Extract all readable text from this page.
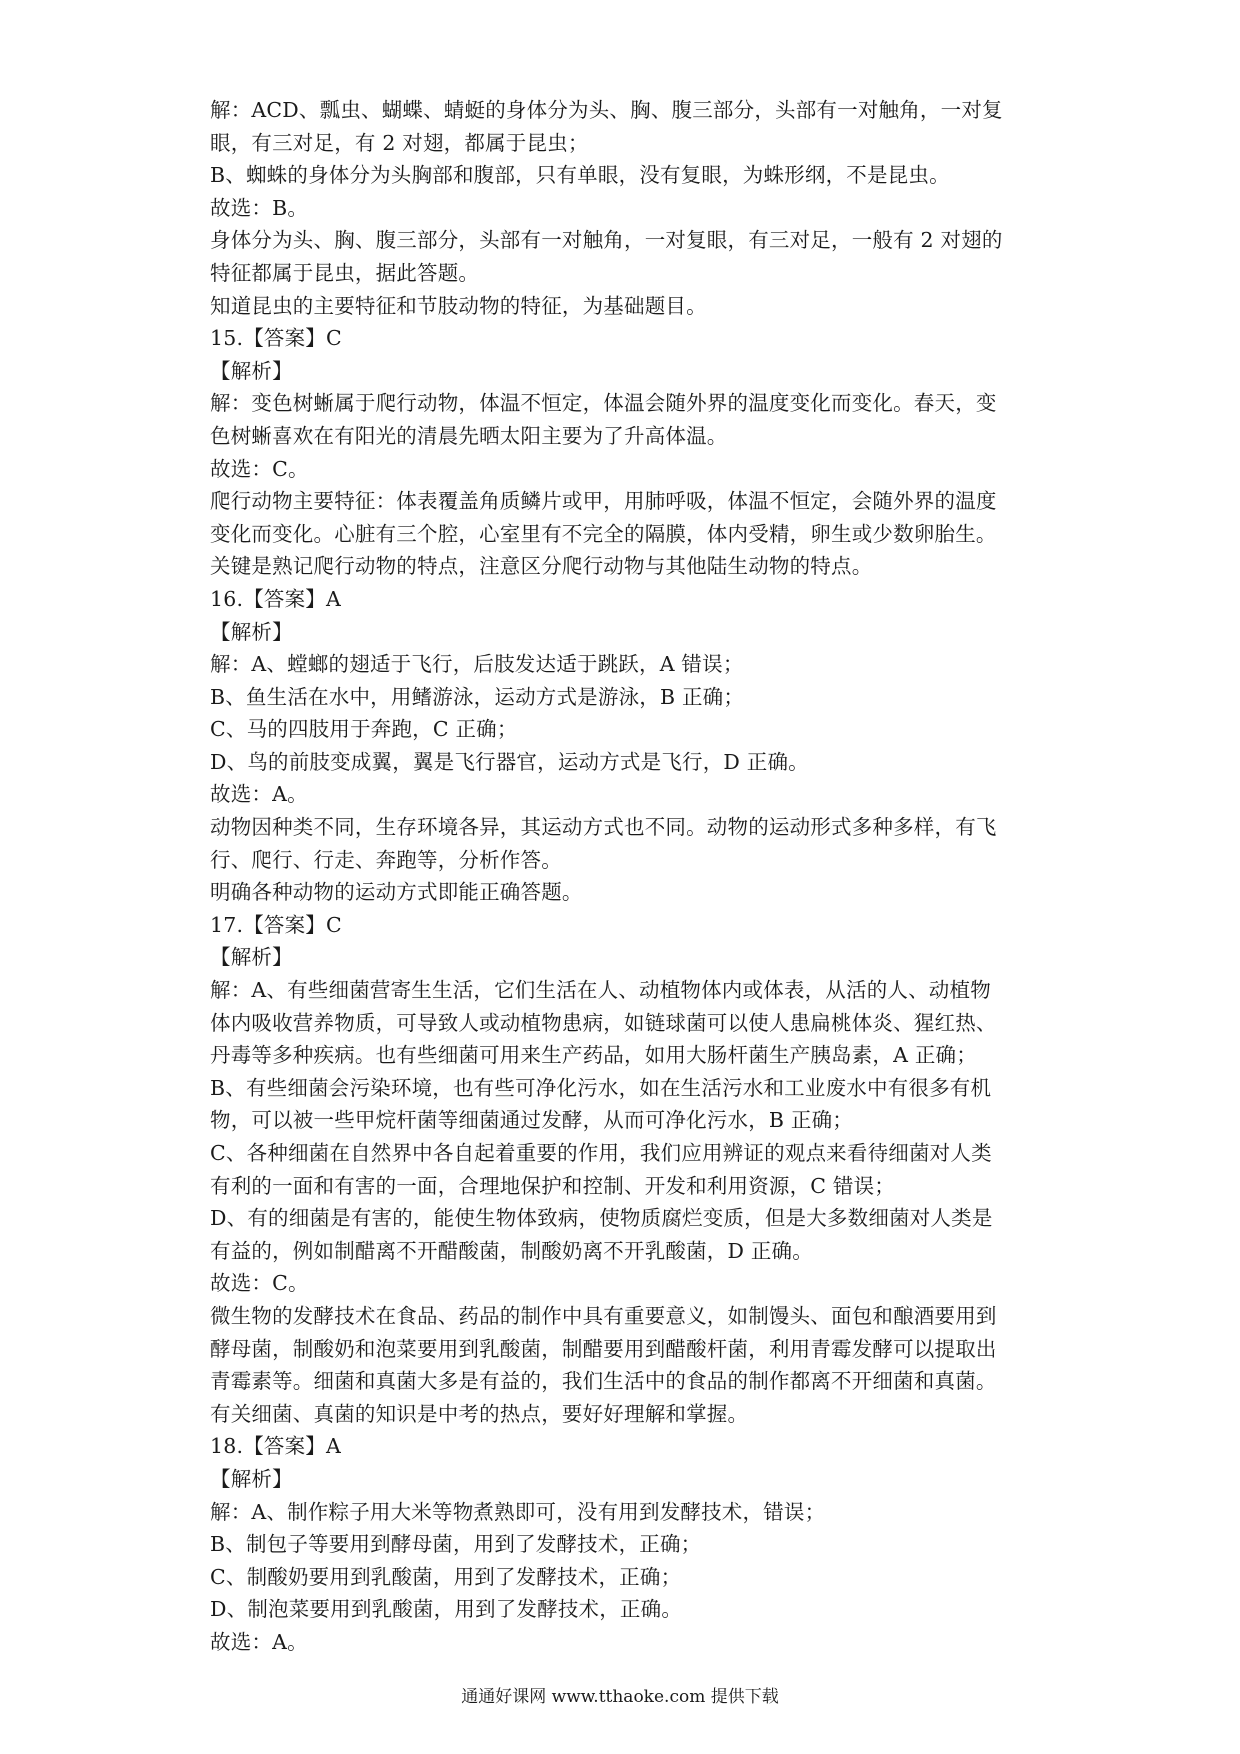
解：ACD、瓢虫、蝴蝶、蜻蜓的身体分为头、胸、腹三部分，头部有一对触角，一对复
眼，有三对足，有 2 对翅，都属于昆虫；
B、蜘蛛的身体分为头胸部和腹部，只有单眼，没有复眼，为蛛形纲，不是昆虫。
故选：B。
身体分为头、胸、腹三部分，头部有一对触角，一对复眼，有三对足，一般有 2 对翅的
特征都属于昆虫，据此答题。
知道昆虫的主要特征和节肢动物的特征，为基础题目。
15.【答案】C
【解析】
解：变色树蜥属于爬行动物，体温不恒定，体温会随外界的温度变化而变化。春天，变
色树蜥喜欢在有阳光的清晨先晒太阳主要为了升高体温。
故选：C。
爬行动物主要特征：体表覆盖角质鳞片或甲，用肺呼吸，体温不恒定，会随外界的温度
变化而变化。心脏有三个腔，心室里有不完全的隔膜，体内受精，卵生或少数卵胎生。
关键是熟记爬行动物的特点，注意区分爬行动物与其他陆生动物的特点。
16.【答案】A
【解析】
解：A、螳螂的翅适于飞行，后肢发达适于跳跃，A 错误；
B、鱼生活在水中，用鳍游泳，运动方式是游泳，B 正确；
C、马的四肢用于奔跑，C 正确；
D、鸟的前肢变成翼，翼是飞行器官，运动方式是飞行，D 正确。
故选：A。
动物因种类不同，生存环境各异，其运动方式也不同。动物的运动形式多种多样，有飞
行、爬行、行走、奔跑等，分析作答。
明确各种动物的运动方式即能正确答题。
17.【答案】C
【解析】
解：A、有些细菌营寄生生活，它们生活在人、动植物体内或体表，从活的人、动植物
体内吸收营养物质，可导致人或动植物患病，如链球菌可以使人患扁桃体炎、猩红热、
丹毒等多种疾病。也有些细菌可用来生产药品，如用大肠杆菌生产胰岛素，A 正确；
B、有些细菌会污染环境，也有些可净化污水，如在生活污水和工业废水中有很多有机
物，可以被一些甲烷杆菌等细菌通过发酵，从而可净化污水，B 正确；
C、各种细菌在自然界中各自起着重要的作用，我们应用辨证的观点来看待细菌对人类
有利的一面和有害的一面，合理地保护和控制、开发和利用资源，C 错误；
D、有的细菌是有害的，能使生物体致病，使物质腐烂变质，但是大多数细菌对人类是
有益的，例如制醋离不开醋酸菌，制酸奶离不开乳酸菌，D 正确。
故选：C。
微生物的发酵技术在食品、药品的制作中具有重要意义，如制馒头、面包和酿酒要用到
酵母菌，制酸奶和泡菜要用到乳酸菌，制醋要用到醋酸杆菌，利用青霉发酵可以提取出
青霉素等。细菌和真菌大多是有益的，我们生活中的食品的制作都离不开细菌和真菌。
有关细菌、真菌的知识是中考的热点，要好好理解和掌握。
18.【答案】A
【解析】
解：A、制作粽子用大米等物煮熟即可，没有用到发酵技术，错误；
B、制包子等要用到酵母菌，用到了发酵技术，正确；
C、制酸奶要用到乳酸菌，用到了发酵技术，正确；
D、制泡菜要用到乳酸菌，用到了发酵技术，正确。
故选：A。
通通好课网 www.tthaoke.com 提供下载
